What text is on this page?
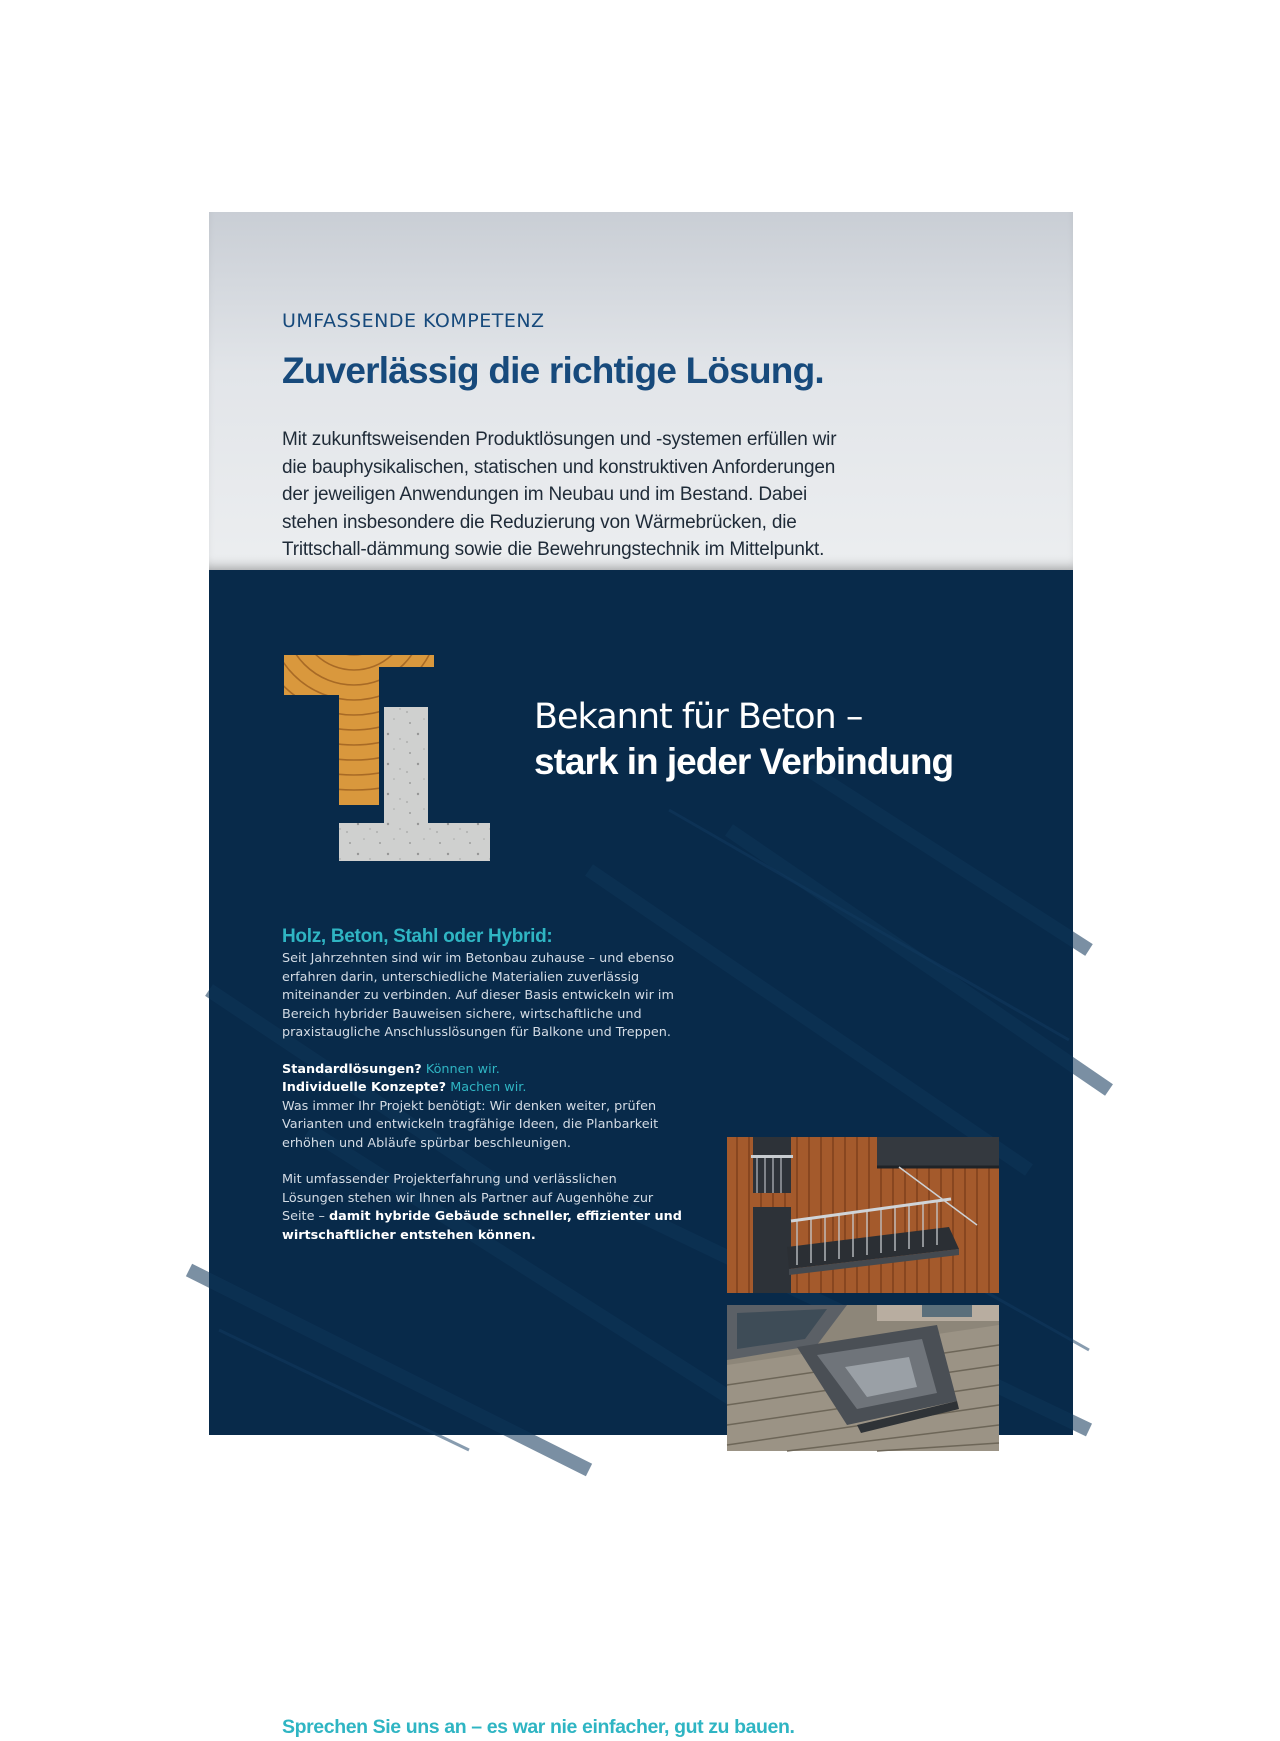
UMFASSENDE KOMPETENZ

Zuverlässig die richtige Lösung.

Mit zukunftsweisenden Produktlösungen und -systemen erfüllen wir die bauphysikalischen, statischen und konstruktiven Anforderungen der jeweiligen Anwendungen im Neubau und im Bestand. Dabei stehen insbesondere die Reduzierung von Wärmebrücken, die Trittschall-dämmung sowie die Bewehrungstechnik im Mittelpunkt.

Bekannt für Beton –
stark in jeder Verbindung
Holz, Beton, Stahl oder Hybrid:

Seit Jahrzehnten sind wir im Betonbau zuhause – und ebenso erfahren darin, unterschiedliche Materialien zuverlässig miteinander zu verbinden. Auf dieser Basis entwickeln wir im Bereich hybrider Bauweisen sichere, wirtschaftliche und praxistaugliche Anschlusslösungen für Balkone und Treppen.

Standardlösungen? Können wir.

Individuelle Konzepte? Machen wir.

Was immer Ihr Projekt benötigt: Wir denken weiter, prüfen Varianten und entwickeln tragfähige Ideen, die Planbarkeit erhöhen und Abläufe spürbar beschleunigen.

Mit umfassender Projekterfahrung und verlässlichen Lösungen stehen wir Ihnen als Partner auf Augenhöhe zur Seite – damit hybride Gebäude schneller, effizienter und wirtschaftlicher entstehen können.

Eine Verbindung. Mehrere Materialien. Maximale Möglichkeiten.
Sprechen Sie uns an – es war nie einfacher, gut zu bauen.
